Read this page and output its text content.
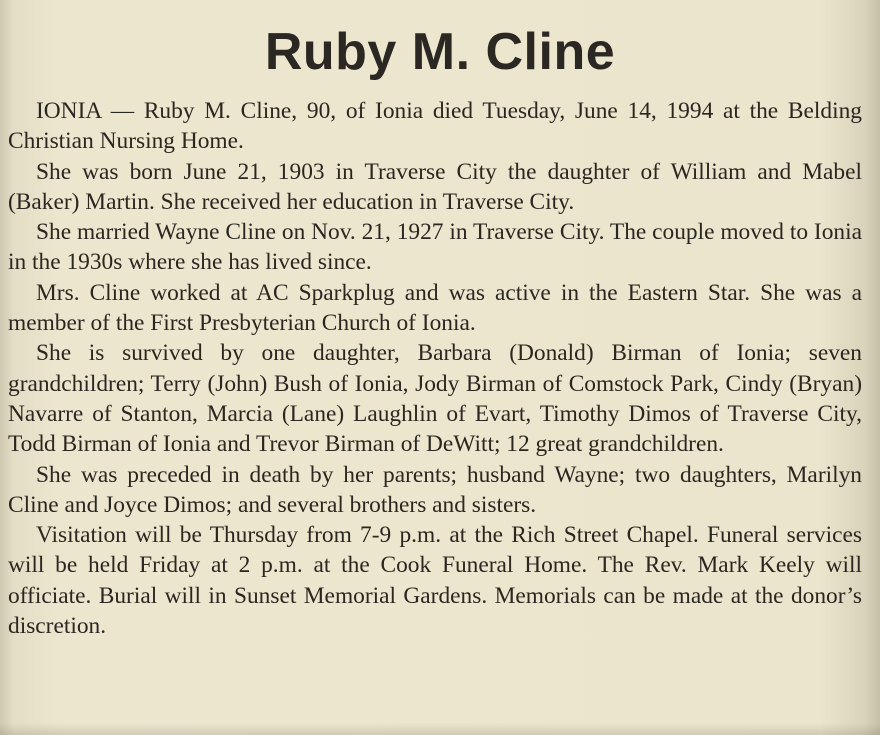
Ruby M. Cline

IONIA — Ruby M. Cline, 90, of Ionia died Tuesday, June 14, 1994 at the Belding Christian Nursing Home.

She was born June 21, 1903 in Traverse City the daughter of William and Mabel (Baker) Martin. She received her education in Traverse City.

She married Wayne Cline on Nov. 21, 1927 in Traverse City. The couple moved to Ionia in the 1930s where she has lived since.

Mrs. Cline worked at AC Sparkplug and was active in the Eastern Star. She was a member of the First Presbyterian Church of Ionia.

She is survived by one daughter, Barbara (Donald) Birman of Ionia; seven grandchildren; Terry (John) Bush of Ionia, Jody Birman of Comstock Park, Cindy (Bryan) Navarre of Stanton, Marcia (Lane) Laughlin of Evart, Timothy Dimos of Traverse City, Todd Birman of Ionia and Trevor Birman of DeWitt; 12 great grandchildren.

She was preceded in death by her parents; husband Wayne; two daughters, Marilyn Cline and Joyce Dimos; and several brothers and sisters.

Visitation will be Thursday from 7-9 p.m. at the Rich Street Chapel. Funeral services will be held Friday at 2 p.m. at the Cook Funeral Home. The Rev. Mark Keely will officiate. Burial will in Sunset Memorial Gardens. Memorials can be made at the donor’s discretion.
